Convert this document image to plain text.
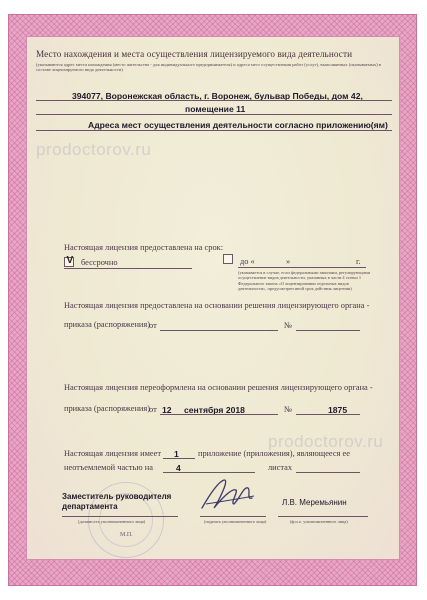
Место нахождения и места осуществления лицензируемого вида деятельности
(указываются адрес места нахождения (место жительства - для индивидуального предпринимателя) и адреса мест осуществления работ (услуг), выполняемых (оказываемых) в составе лицензируемого вида деятельности)
394077, Воронежская область, г. Воронеж, бульвар Победы, дом 42,
помещение 11
Адреса мест осуществления деятельности согласно приложению(ям)
prodoctorov.ru
Настоящая лицензия предоставлена на срок:
V бессрочно	до «	»	г.
(указывается в случае, если федеральными законами, регулирующими осуществление видов деятельности, указанных в части 4 статьи 1 Федерального закона «О лицензировании отдельных видов деятельности», предусмотрен иной срок действия лицензии)
Настоящая лицензия предоставлена на основании решения лицензирующего органа -
приказа (распоряжения)
от	№
Настоящая лицензия переоформлена на основании решения лицензирующего органа -
приказа (распоряжения)
от 12 сентября 2018	№	1875
Настоящая лицензия имеет 1 приложение (приложения), являющееся ее
неотъемлемой частью на	4	листах
prodoctorov.ru
Заместитель руководителя департамента
(должность уполномоченного лица)	(подпись уполномоченного лица)
Л.В. Меремьянин
(ф.и.о. уполномоченного лица)
М.П.
